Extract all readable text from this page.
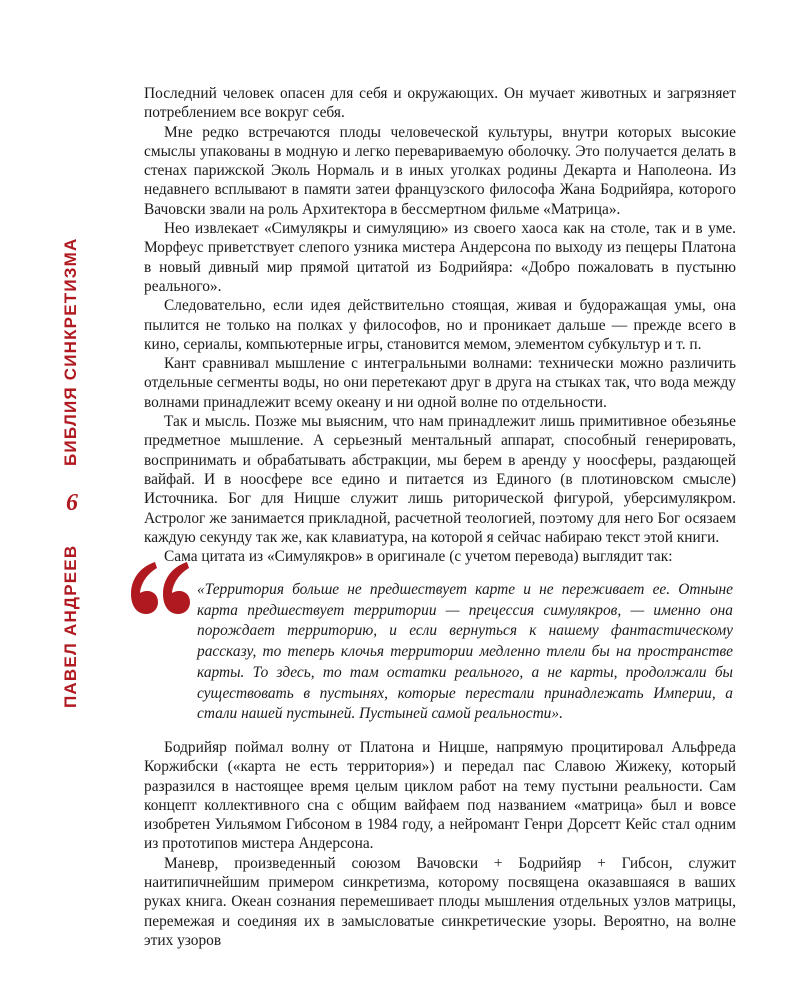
ПАВЕЛ АНДРЕЕВ
БИБЛИЯ СИНКРЕТИЗМА
6

Последний человек опасен для себя и окружающих. Он мучает животных и загрязняет потреблением все вокруг себя.

Мне редко встречаются плоды человеческой культуры, внутри которых высокие смыслы упакованы в модную и легко перевариваемую оболочку. Это получается делать в стенах парижской Эколь Нормаль и в иных уголках родины Декарта и Наполеона. Из недавнего всплывают в памяти затеи французского философа Жана Бодрийяра, которого Вачовски звали на роль Архитектора в бессмертном фильме «Матрица».

Нео извлекает «Симулякры и симуляцию» из своего хаоса как на столе, так и в уме. Морфеус приветствует слепого узника мистера Андерсона по выходу из пещеры Платона в новый дивный мир прямой цитатой из Бодрийяра: «Добро пожаловать в пустыню реального».

Следовательно, если идея действительно стоящая, живая и будоражащая умы, она пылится не только на полках у философов, но и проникает дальше — прежде всего в кино, сериалы, компьютерные игры, становится мемом, элементом субкультур и т. п.

Кант сравнивал мышление с интегральными волнами: технически можно различить отдельные сегменты воды, но они перетекают друг в друга на стыках так, что вода между волнами принадлежит всему океану и ни одной волне по отдельности.

Так и мысль. Позже мы выясним, что нам принадлежит лишь примитивное обезьянье предметное мышление. А серьезный ментальный аппарат, способный генерировать, воспринимать и обрабатывать абстракции, мы берем в аренду у ноосферы, раздающей вайфай. И в ноосфере все едино и питается из Единого (в плотиновском смысле) Источника. Бог для Ницше служит лишь риторической фигурой, уберсимулякром. Астролог же занимается прикладной, расчетной теологией, поэтому для него Бог осязаем каждую секунду так же, как клавиатура, на которой я сейчас набираю текст этой книги.

Сама цитата из «Симулякров» в оригинале (с учетом перевода) выглядит так:

«Территория больше не предшествует карте и не переживает ее. Отныне карта предшествует территории — прецессия симулякров, — именно она порождает территорию, и если вернуться к нашему фантастическому рассказу, то теперь клочья территории медленно тлели бы на пространстве карты. То здесь, то там остатки реального, а не карты, продолжали бы существовать в пустынях, которые перестали принадлежать Империи, а стали нашей пустыней. Пустыней самой реальности».

Бодрийяр поймал волну от Платона и Ницше, напрямую процитировал Альфреда Коржибски («карта не есть территория») и передал пас Славою Жижеку, который разразился в настоящее время целым циклом работ на тему пустыни реальности. Сам концепт коллективного сна с общим вайфаем под названием «матрица» был и вовсе изобретен Уильямом Гибсоном в 1984 году, а нейромант Генри Дорсетт Кейс стал одним из прототипов мистера Андерсона.

Маневр, произведенный союзом Вачовски + Бодрийяр + Гибсон, служит наитипичнейшим примером синкретизма, которому посвящена оказавшаяся в ваших руках книга. Океан сознания перемешивает плоды мышления отдельных узлов матрицы, перемежая и соединяя их в замысловатые синкретические узоры. Вероятно, на волне этих узоров
